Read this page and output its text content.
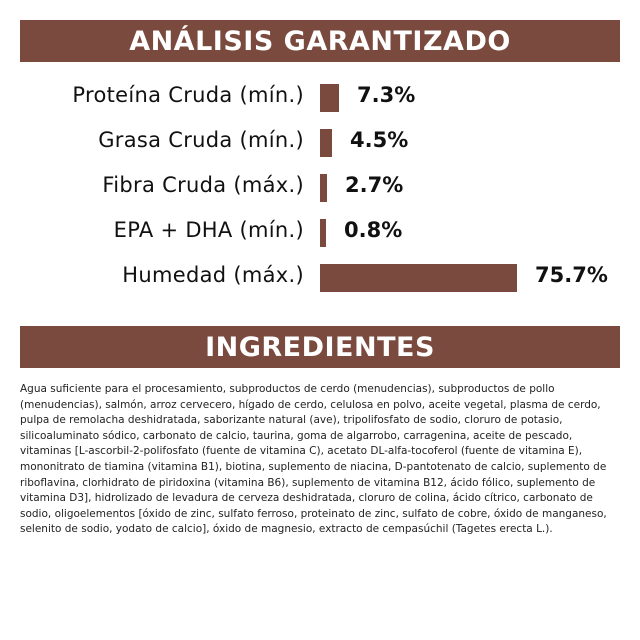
ANÁLISIS GARANTIZADO
Proteína Cruda (mín.)	7.3%
Grasa Cruda (mín.) 4.5%
Fibra Cruda (máx.) 2.7%
EPA + DHA (mín.) 0.8%
Humedad (máx.)	75.7%
INGREDIENTES

Agua suficiente para el procesamiento, subproductos de cerdo (menudencias), subproductos de pollo (menudencias), salmón, arroz cervecero, hígado de cerdo, celulosa en polvo, aceite vegetal, plasma de cerdo, pulpa de remolacha deshidratada, saborizante natural (ave), tripolifosfato de sodio, cloruro de potasio, silicoaluminato sódico, carbonato de calcio, taurina, goma de algarrobo, carragenina, aceite de pescado, vitaminas [L-ascorbil-2-polifosfato (fuente de vitamina C), acetato DL-alfa-tocoferol (fuente de vitamina E), mononitrato de tiamina (vitamina B1), biotina, suplemento de niacina, D-pantotenato de calcio, suplemento de riboflavina, clorhidrato de piridoxina (vitamina B6), suplemento de vitamina B12, ácido fólico, suplemento de vitamina D3], hidrolizado de levadura de cerveza deshidratada, cloruro de colina, ácido cítrico, carbonato de sodio, oligoelementos [óxido de zinc, sulfato ferroso, proteinato de zinc, sulfato de cobre, óxido de manganeso, selenito de sodio, yodato de calcio], óxido de magnesio, extracto de cempasúchil (Tagetes erecta L.).
